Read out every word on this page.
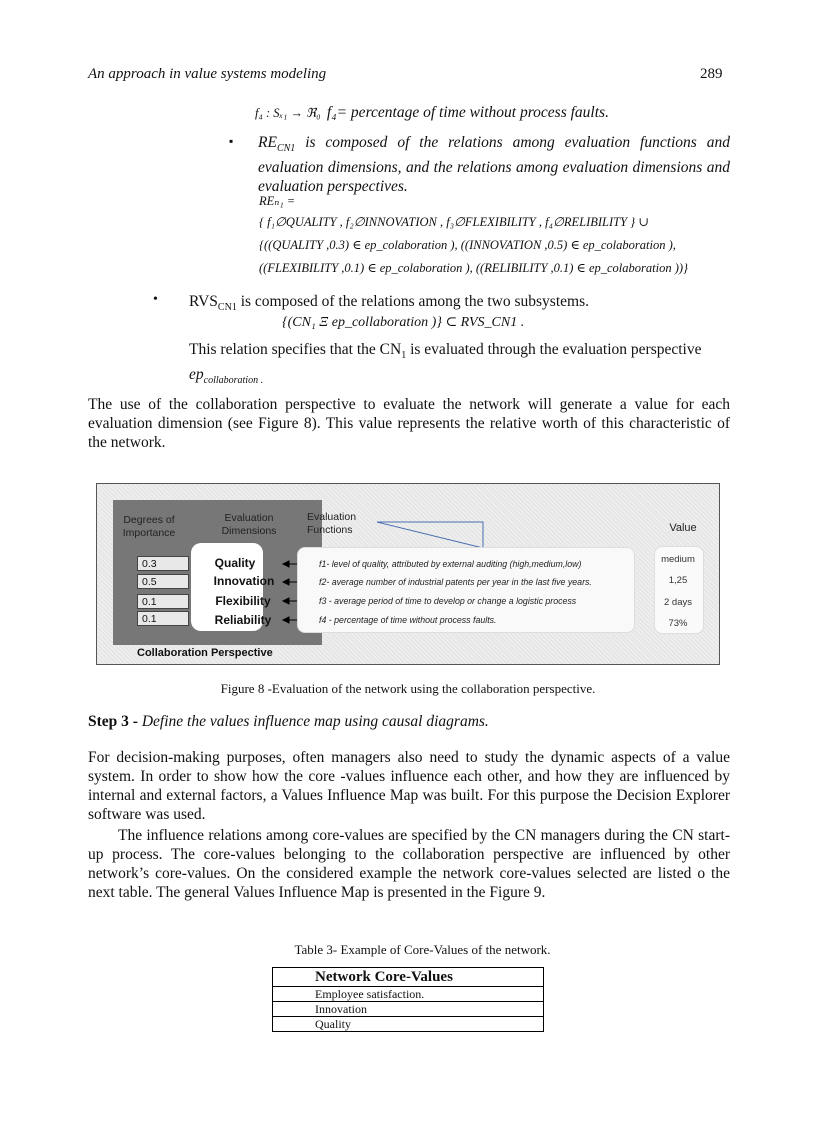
An approach in value systems modeling	289
f₄ : Sₓ₁ → ℜ₀ f₄= percentage of time without process faults.
▪ $RE_{CN1}$ is composed of the relations among evaluation functions and evaluation dimensions, and the relations among evaluation dimensions and evaluation perspectives.
REₙ₁ =
{ f₁∅QUALITY , f₂∅INNOVATION , f₃∅FLEXIBILITY , f₄∅RELIBILITY } ∪
{((QUALITY ,0.3) ∈ ep_colaboration ), ((INNOVATION ,0.5) ∈ ep_colaboration ),
((FLEXIBILITY ,0.1) ∈ ep_colaboration ), ((RELIBILITY ,0.1) ∈ ep_colaboration ))}
• $RVS_{CN1}$ is composed of the relations among the two subsystems.
{(CN₁ Ξ ep_collaboration )} ⊂ RVS_CN1 .
This relation specifies that the $CN_1$ is evaluated through the evaluation perspective $ep_{collaboration .}$
The use of the collaboration perspective to evaluate the network will generate a value for each evaluation dimension (see Figure 8). This value represents the relative worth of this characteristic of the network.
Degrees of Importance
Evaluation Dimensions
Evaluation Functions	Value
0.3
0.5
0.1
0.1
Quality
Innovation
Flexibility
Reliability
f1- level of quality, attributed by external auditing (high,medium,low)
f2- average number of industrial patents per year in the last five years.
f3 - average period of time to develop or change a logistic process
f4 - percentage of time without process faults.
medium
1,25
2 days
73%
Collaboration Perspective
Figure 8 -Evaluation of the network using the collaboration perspective.
Step 3 - Define the values influence map using causal diagrams.
For decision-making purposes, often managers also need to study the dynamic aspects of a value system. In order to show how the core -values influence each other, and how they are influenced by internal and external factors, a Values Influence Map was built. For this purpose the Decision Explorer software was used.
The influence relations among core-values are specified by the CN managers during the CN start-up process. The core-values belonging to the collaboration perspective are influenced by other network’s core-values. On the considered example the network core-values selected are listed o the next table. The general Values Influence Map is presented in the Figure 9.
Table 3- Example of Core-Values of the network.
Network Core-Values
Employee satisfaction.
Innovation
Quality
